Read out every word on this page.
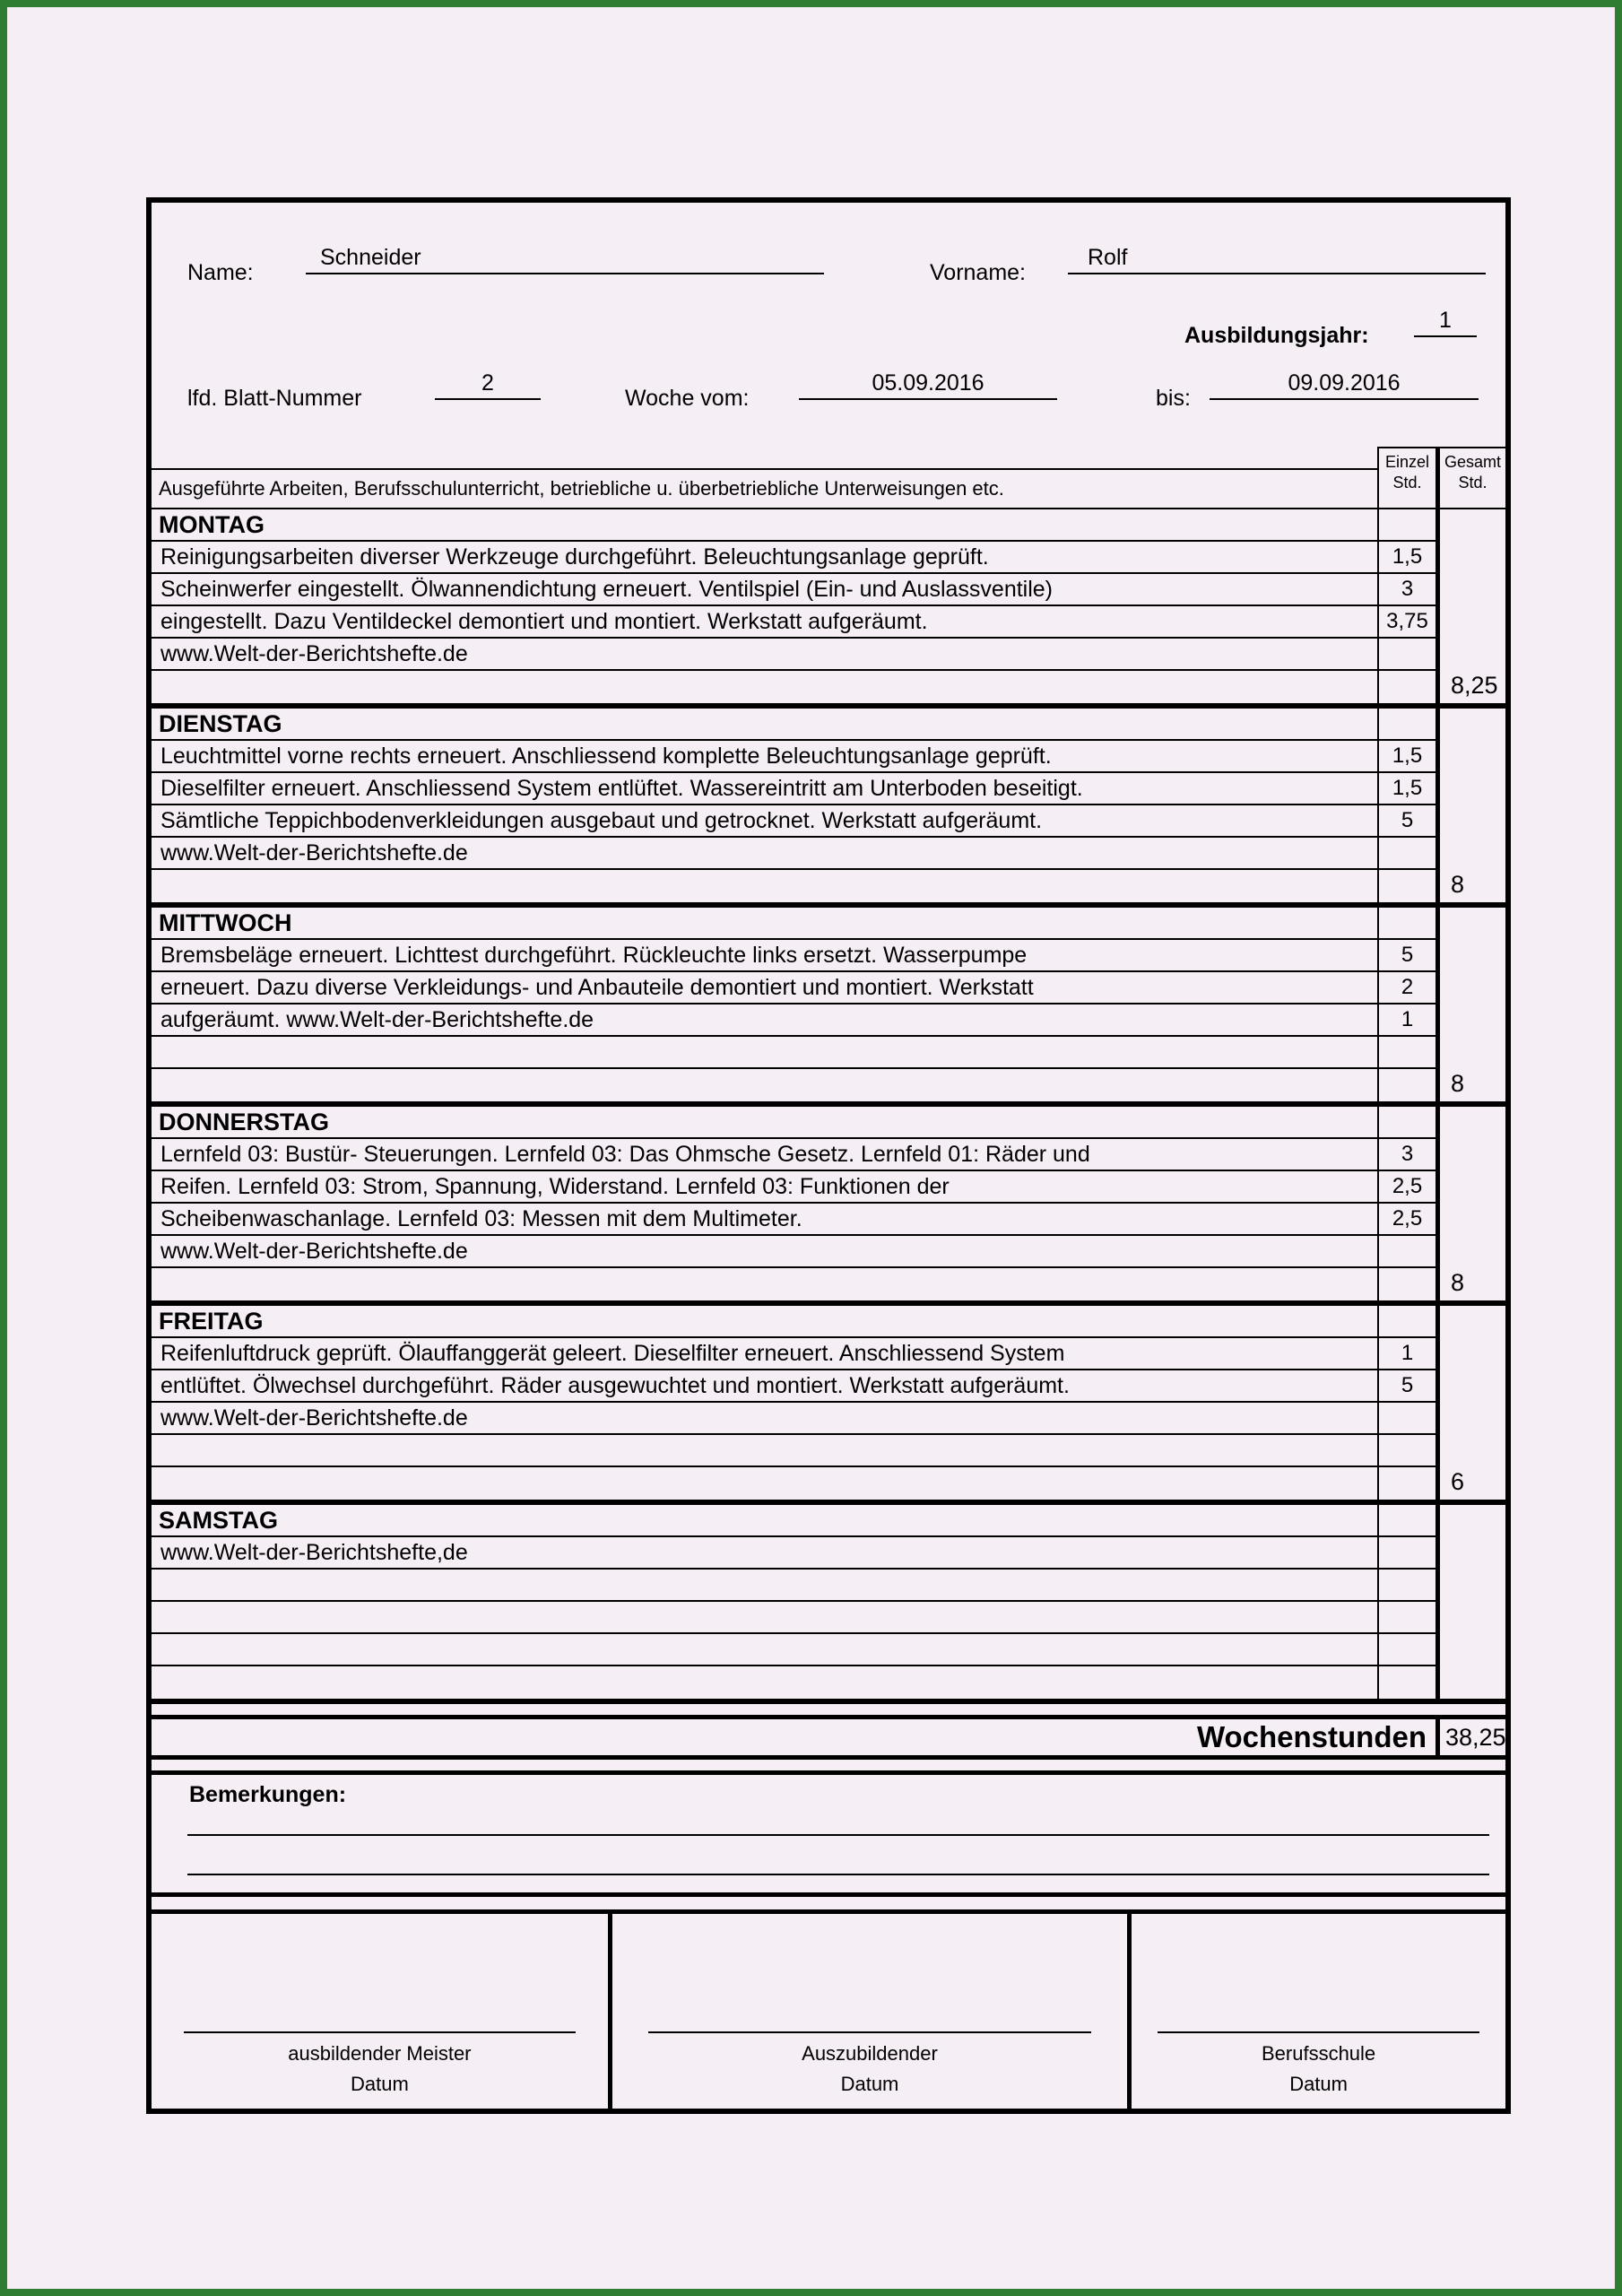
Name:
Schneider
Vorname:
Rolf
Ausbildungsjahr:
1
lfd. Blatt-Nummer
2
Woche vom:
05.09.2016
bis:
09.09.2016
Ausgeführte Arbeiten, Berufsschulunterricht, betriebliche u. überbetriebliche Unterweisungen etc.
Einzel
Std.
Gesamt
Std.
MONTAG
Reinigungsarbeiten diverser Werkzeuge durchgeführt. Beleuchtungsanlage geprüft.	1,5
Scheinwerfer eingestellt. Ölwannendichtung erneuert. Ventilspiel (Ein- und Auslassventile)	3
eingestellt. Dazu Ventildeckel demontiert und montiert. Werkstatt aufgeräumt.	3,75
www.Welt-der-Berichtshefte.de
8,25
DIENSTAG
Leuchtmittel vorne rechts erneuert. Anschliessend komplette Beleuchtungsanlage geprüft.	1,5
Dieselfilter erneuert. Anschliessend System entlüftet. Wassereintritt am Unterboden beseitigt.	1,5
Sämtliche Teppichbodenverkleidungen ausgebaut und getrocknet. Werkstatt aufgeräumt.	5
www.Welt-der-Berichtshefte.de
8
MITTWOCH
Bremsbeläge erneuert. Lichttest durchgeführt. Rückleuchte links ersetzt. Wasserpumpe	5
erneuert. Dazu diverse Verkleidungs- und Anbauteile demontiert und montiert. Werkstatt	2
aufgeräumt. www.Welt-der-Berichtshefte.de	1
8
DONNERSTAG
Lernfeld 03: Bustür- Steuerungen. Lernfeld 03: Das Ohmsche Gesetz. Lernfeld 01: Räder und	3
Reifen. Lernfeld 03: Strom, Spannung, Widerstand. Lernfeld 03: Funktionen der	2,5
Scheibenwaschanlage. Lernfeld 03: Messen mit dem Multimeter.	2,5
www.Welt-der-Berichtshefte.de
8
FREITAG
Reifenluftdruck geprüft. Ölauffanggerät geleert. Dieselfilter erneuert. Anschliessend System	1
entlüftet. Ölwechsel durchgeführt. Räder ausgewuchtet und montiert. Werkstatt aufgeräumt.	5
www.Welt-der-Berichtshefte.de
6
SAMSTAG
www.Welt-der-Berichtshefte,de
Wochenstunden 38,25
Bemerkungen:
ausbildender Meister
Datum
Auszubildender
Datum
Berufsschule
Datum
